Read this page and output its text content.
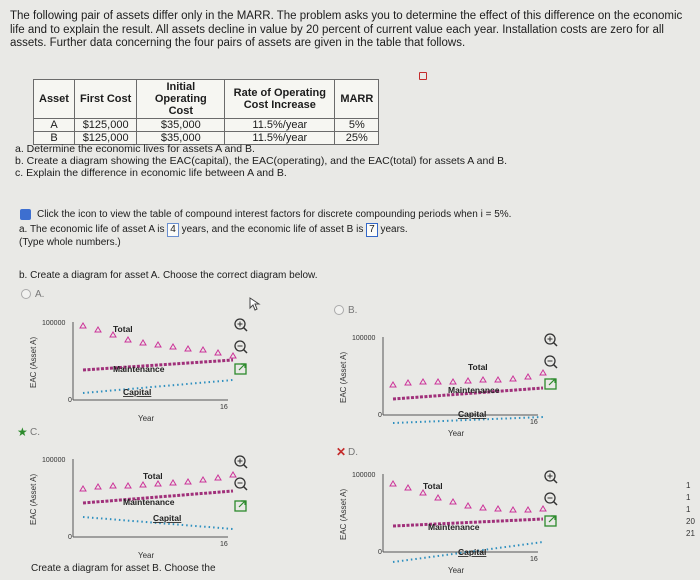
The following pair of assets differ only in the MARR. The problem asks you to determine the effect of this difference on the economic life and to explain the result. All assets decline in value by 20 percent of current value each year. Installation costs are zero for all assets. Further data concerning the four pairs of assets are given in the table that follows.
Asset	First Cost	Initial Operating Cost	Rate of Operating Cost Increase	MARR
A	$125,000	$35,000	11.5%/year	5%
B	$125,000	$35,000	11.5%/year	25%
a. Determine the economic lives for assets A and B.
b. Create a diagram showing the EAC(capital), the EAC(operating), and the EAC(total) for assets A and B.
c. Explain the difference in economic life between A and B.
Click the icon to view the table of compound interest factors for discrete compounding periods when i = 5%.
a. The economic life of asset A is 4 years, and the economic life of asset B is 7 years.
(Type whole numbers.)
b. Create a diagram for asset A. Choose the correct diagram below.
A.
B.
★ C.
✕ D.
EAC (Asset A)
100000
0
16
Year
Total
Maintenance
Capital	EAC (Asset A)
100000
0
16
Year
Total
Maintenance
Capital
EAC (Asset A)
100000
0
16
Year
Total
Maintenance
Capital	EAC (Asset A)
100000
0
16
Year
Total
Maintenance
Capital
Create a diagram for asset B. Choose the
1
1
1
20
21
